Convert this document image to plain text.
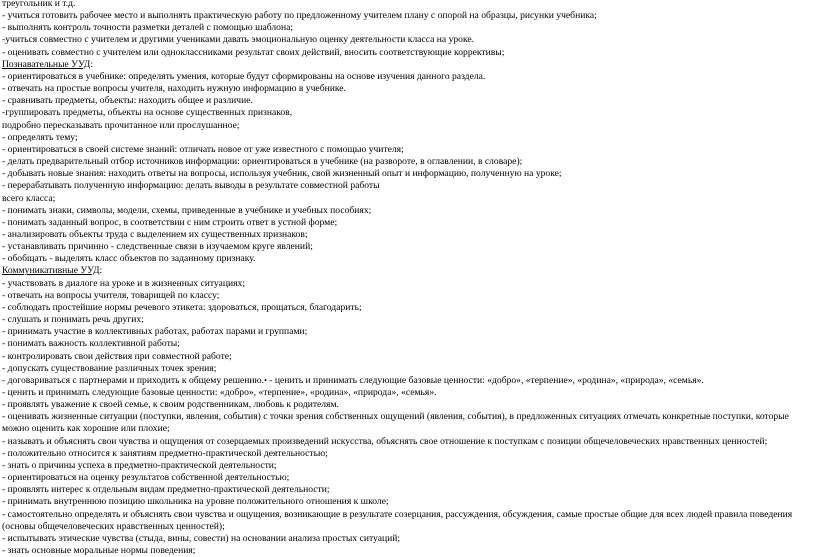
треугольник и т.д.
- учиться готовить рабочее место и выполнять практическую работу по предложенному учителем плану с опорой на образцы, рисунки учебника;
- выполнять контроль точности разметки деталей с помощью шаблона;
-учиться совместно с учителем и другими учениками давать эмоциональную оценку деятельности класса на уроке.
- оценивать совместно с учителем или одноклассниками результат своих действий, вносить соответствующие коррективы;
Познавательные УУД:
- ориентироваться в учебнике: определять умения, которые будут сформированы на основе изучения данного раздела.
- отвечать на простые вопросы учителя, находить нужную информацию в учебнике.
- сравнивать предметы, объекты: находить общее и различие.
-группировать предметы, объекты на основе существенных признаков,
подробно пересказывать прочитанное или прослушанное;
- определять тему;
- ориентироваться в своей системе знаний: отличать новое от уже известного с помощью учителя;
- делать предварительный отбор источников информации: ориентироваться в учебнике (на развороте, в оглавлении, в словаре);
- добывать новые знания: находить ответы на вопросы, используя учебник, свой жизненный опыт и информацию, полученную на уроке;
- перерабатывать полученную информацию: делать выводы в результате совместной работы
всего класса;
- понимать знаки, символы, модели, схемы, приведенные в учебнике и учебных пособиях;
- понимать заданный вопрос, в соответствии с ним строить ответ в устной форме;
- анализировать объекты труда с выделением их существенных признаков;
- устанавливать причинно - следственные связи в изучаемом круге явлений;
- обобщать - выделять класс объектов по заданному признаку.
Коммуникативные УУД:
- участвовать в диалоге на уроке и в жизненных ситуациях;
- отвечать на вопросы учителя, товарищей по классу;
- соблюдать простейшие нормы речевого этикета: здороваться, прощаться, благодарить;
- слушать и понимать речь других;
- принимать участие в коллективных работах, работах парами и группами;
- понимать важность коллективной работы;
- контролировать свои действия при совместной работе;
- допускать существование различных точек зрения;
- договариваться с партнерами и приходить к общему решению.• - ценить и принимать следующие базовые ценности: «добро», «терпение», «родина», «природа», «семья».
- ценить и принимать следующие базовые ценности: «добро», «терпение», «родина», «природа», «семья».
- проявлять уважение к своей семье, к своим родственникам, любовь к родителям.
- оценивать жизненные ситуации (поступки, явления, события) с точки зрения собственных ощущений (явления, события), в предложенных ситуациях отмечать конкретные поступки, которые
можно оценить как хорошие или плохие;
- называть и объяснять свои чувства и ощущения от созерцаемых произведений искусства, объяснять свое отношение к поступкам с позиции общечеловеческих нравственных ценностей;
- положительно относится к занятиям предметно-практической деятельностью;
- знать о причины успеха в предметно-практической деятельности;
- ориентироваться на оценку результатов собственной деятельностью;
- проявлять интерес к отдельным видам предметно-практической деятельности;
- принимать внутреннюю позицию школьника на уровне положительного отношения к школе;
- самостоятельно определять и объяснять свои чувства и ощущения, возникающие в результате созерцания, рассуждения, обсуждения, самые простые общие для всех людей правила поведения
(основы общечеловеческих нравственных ценностей);
- испытывать этические чувства (стыда, вины, совести) на основании анализа простых ситуаций;
- знать основные моральные нормы поведения;
